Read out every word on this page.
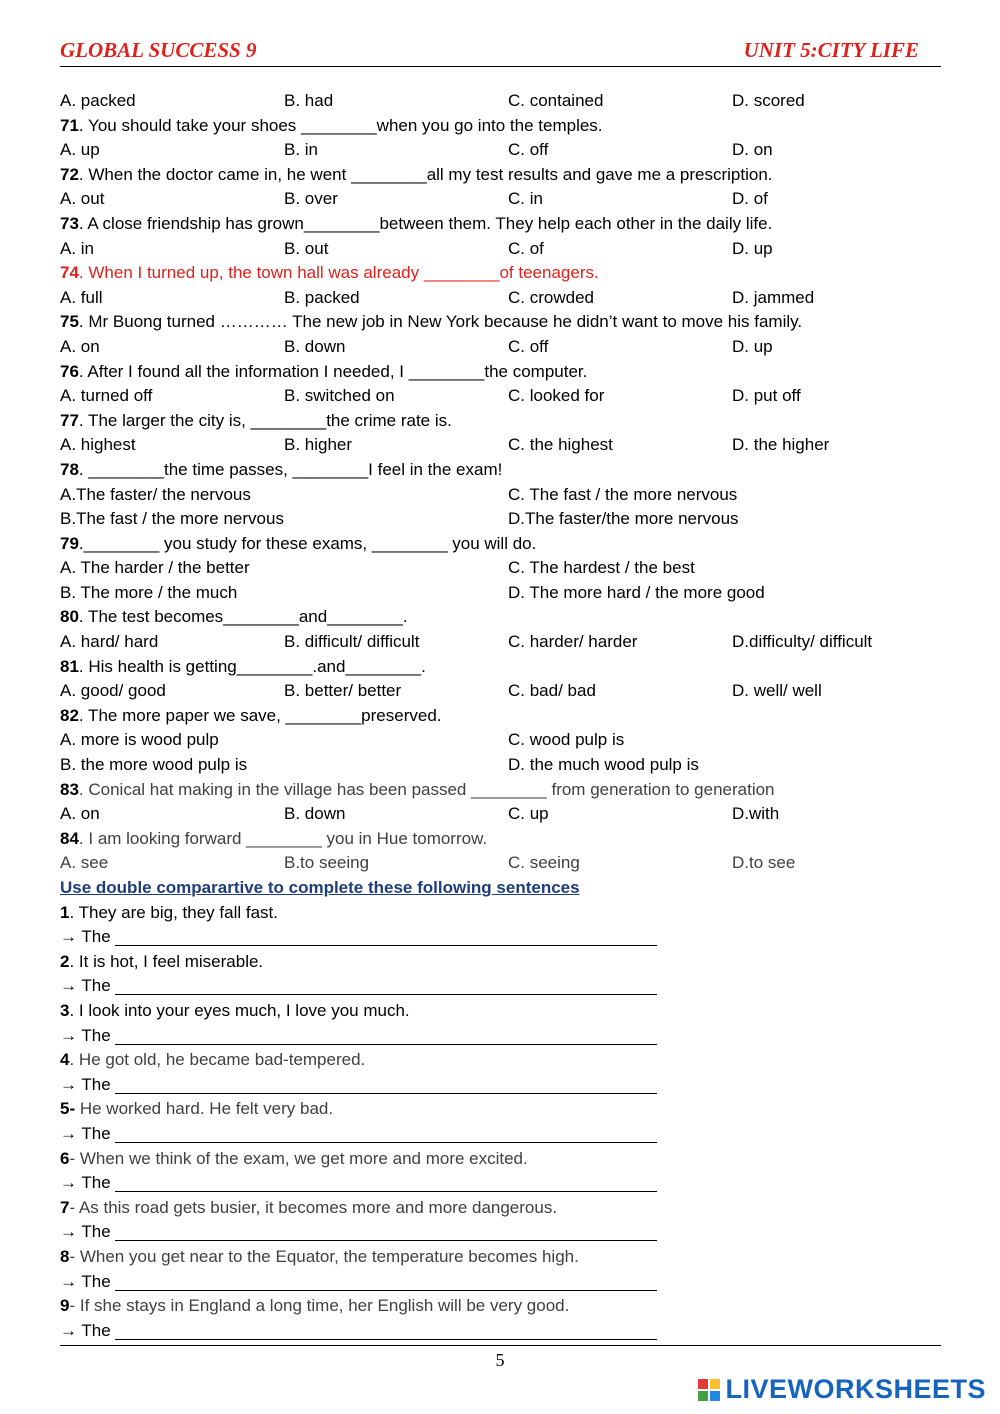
GLOBAL SUCCESS 9	UNIT 5:CITY LIFE
A. packed	B. had	C. contained	D. scored
71. You should take your shoes ________when you go into the temples.
A. up	B. in	C. off	D. on
72. When the doctor came in, he went ________all my test results and gave me a prescription.
A. out	B. over	C. in	D. of
73. A close friendship has grown________between them. They help each other in the daily life.
A. in	B. out	C. of	D. up
74. When I turned up, the town hall was already ________of teenagers.
A. full	B. packed	C. crowded	D. jammed
75. Mr Buong turned ………… The new job in New York because he didn’t want to move his family.
A. on	B. down	C. off	D. up
76. After I found all the information I needed, I ________the computer.
A. turned off	B. switched on	C. looked for	D. put off
77. The larger the city is, ________the crime rate is.
A. highest	B. higher	C. the highest	D. the higher
78. ________the time passes, ________I feel in the exam!
A.The faster/ the nervous	C. The fast / the more nervous
B.The fast / the more nervous	D.The faster/the more nervous
79.________ you study for these exams, ________ you will do.
A. The harder / the better	C. The hardest / the best
B. The more / the much	D. The more hard / the more good
80. The test becomes________and________.
A. hard/ hard	B. difficult/ difficult	C. harder/ harder	D.difficulty/ difficult
81. His health is getting________.and________.
A. good/ good	B. better/ better	C. bad/ bad	D. well/ well
82. The more paper we save, ________preserved.
A. more is wood pulp	C. wood pulp is
B. the more wood pulp is	D. the much wood pulp is
83. Conical hat making in the village has been passed ________ from generation to generation
A. on	B. down	C. up	D.with
84. I am looking forward ________ you in Hue tomorrow.
A. see	B.to seeing	C. seeing	D.to see
Use double comparartive to complete these following sentences
1. They are big, they fall fast.
→ The
2. It is hot, I feel miserable.
→ The
3. I look into your eyes much, I love you much.
→ The
4. He got old, he became bad-tempered.
→ The
5- He worked hard. He felt very bad.
→ The
6- When we think of the exam, we get more and more excited.
→ The
7- As this road gets busier, it becomes more and more dangerous.
→ The
8- When you get near to the Equator, the temperature becomes high.
→ The
9- If she stays in England a long time, her English will be very good.
→ The
5
LIVEWORKSHEETS
